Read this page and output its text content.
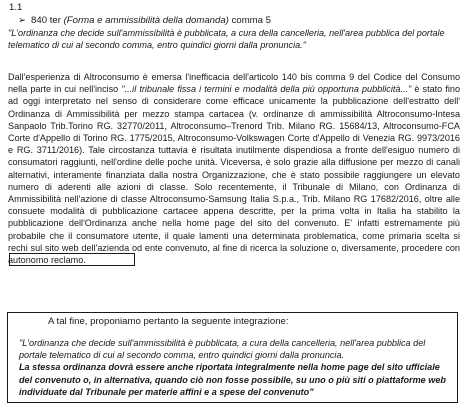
1.1
➢ 840 ter (Forma e ammissibilità della domanda) comma 5
"L'ordinanza che decide sull'ammissibilità è pubblicata, a cura della cancelleria, nell'area pubblica del portale telematico di cui al secondo comma, entro quindici giorni dalla pronuncia."
Dall'esperienza di Altroconsumo è emersa l'inefficacia dell'articolo 140 bis comma 9 del Codice del Consumo nella parte in cui nell'inciso "...il tribunale fissa i termini e modalità della più opportuna pubblicità..." è stato fino ad oggi interpretato nel senso di considerare come efficace unicamente la pubblicazione dell'estratto dell' Ordinanza di Ammissibilità per mezzo stampa cartacea (v. ordinanze di ammissibilità Altroconsumo-Intesa Sanpaolo Trib.Torino RG. 32770/2011, Altroconsumo–Trenord Trib. Milano RG. 15684/13, Altroconsumo-FCA Corte d'Appello di Torino RG. 1775/2015, Altroconsumo-Volkswagen Corte d'Appello di Venezia RG. 9973/2016 e RG. 3711/2016). Tale circostanza tuttavia è risultata inutilmente dispendiosa a fronte dell'esiguo numero di consumatori raggiunti, nell'ordine delle poche unità. Viceversa, è solo grazie alla diffusione per mezzo di canali alternativi, interamente finanziata dalla nostra Organizzazione, che è stato possibile raggiungere un elevato numero di aderenti alle azioni di classe. Solo recentemente, il Tribunale di Milano, con Ordinanza di Ammissibilità nell'azione di classe Altroconsumo-Samsung Italia S.p.a., Trib. Milano RG 17682/2016, oltre alle consuete modalità di pubblicazione cartacee appena descritte, per la prima volta in Italia ha stabilito la pubblicazione dell'Ordinanza anche nella home page del sito del convenuto. E' infatti estremamente più probabile che il consumatore utente, il quale lamenti una determinata problematica, come primaria scelta si rechi sul sito web dell'azienda od ente convenuto, al fine di ricerca la soluzione o, diversamente, procedere con autonomo reclamo.
A tal fine, proponiamo pertanto la seguente integrazione:
"L'ordinanza che decide sull'ammissibilità è pubblicata, a cura della cancelleria, nell'area pubblica del portale telematico di cui al secondo comma, entro quindici giorni dalla pronuncia.
La stessa ordinanza dovrà essere anche riportata integralmente nella home page del sito ufficiale del convenuto o, in alternativa, quando ciò non fosse possibile, su uno o più siti o piattaforme web individuate dal Tribunale per materie affini e a spese del convenuto"
